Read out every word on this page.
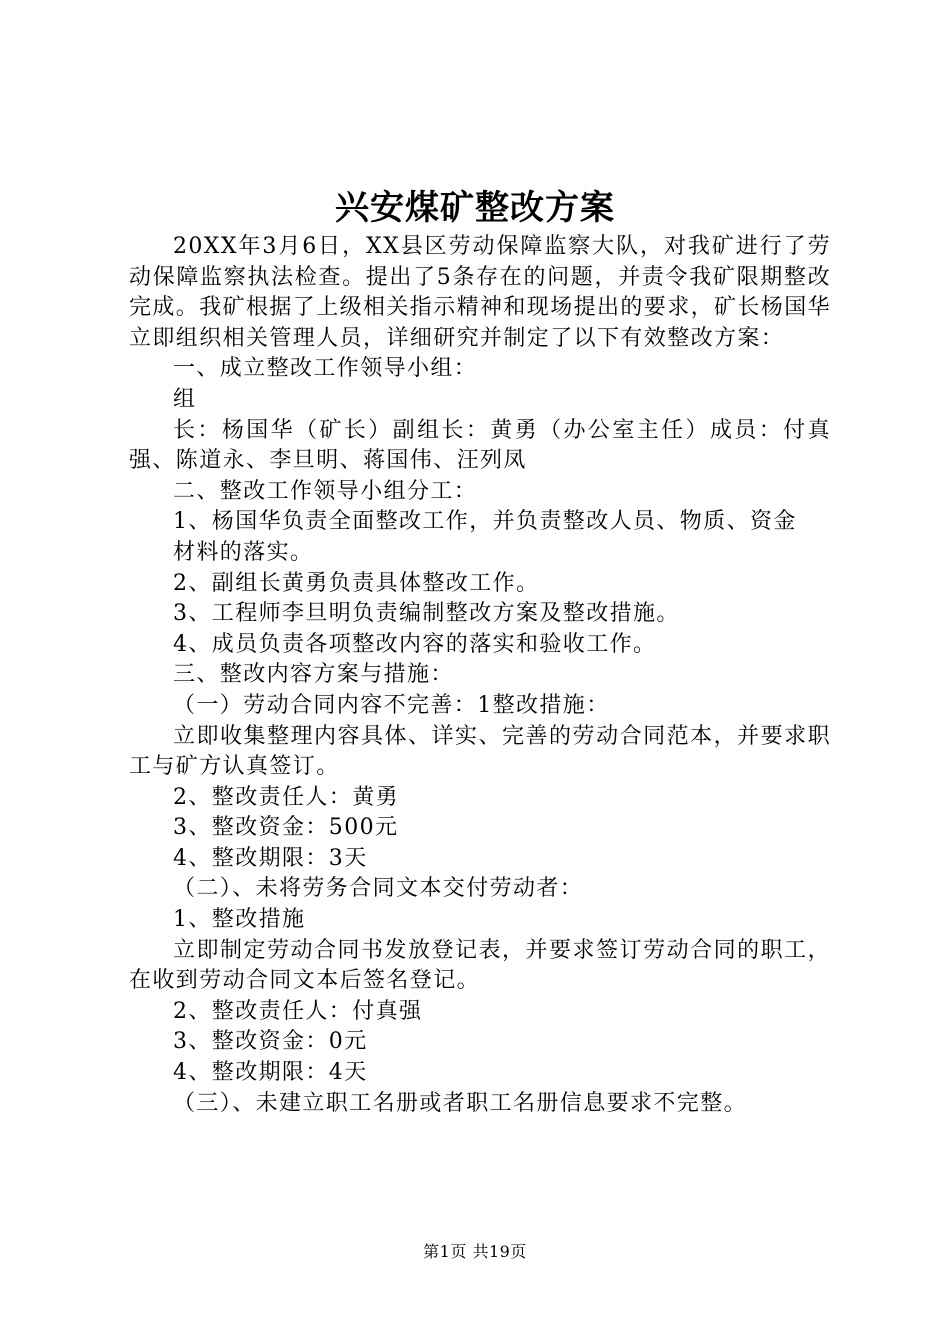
兴安煤矿整改方案

20XX年3月6日，XX县区劳动保障监察大队，对我矿进行了劳动保障监察执法检查。提出了5条存在的问题，并责令我矿限期整改完成。我矿根据了上级相关指示精神和现场提出的要求，矿长杨国华立即组织相关管理人员，详细研究并制定了以下有效整改方案：

一、成立整改工作领导小组：

组

长：杨国华（矿长）副组长：黄勇（办公室主任）成员：付真强、陈道永、李旦明、蒋国伟、汪列凤

二、整改工作领导小组分工：

1、杨国华负责全面整改工作，并负责整改人员、物质、资金

材料的落实。

2、副组长黄勇负责具体整改工作。

3、工程师李旦明负责编制整改方案及整改措施。

4、成员负责各项整改内容的落实和验收工作。

三、整改内容方案与措施：

（一）劳动合同内容不完善：1整改措施：

立即收集整理内容具体、详实、完善的劳动合同范本，并要求职工与矿方认真签订。

2、整改责任人：黄勇

3、整改资金：500元

4、整改期限：3天

（二）、未将劳务合同文本交付劳动者：

1、整改措施

立即制定劳动合同书发放登记表，并要求签订劳动合同的职工，在收到劳动合同文本后签名登记。

2、整改责任人：付真强

3、整改资金：0元

4、整改期限：4天

（三）、未建立职工名册或者职工名册信息要求不完整。

第1页 共19页
